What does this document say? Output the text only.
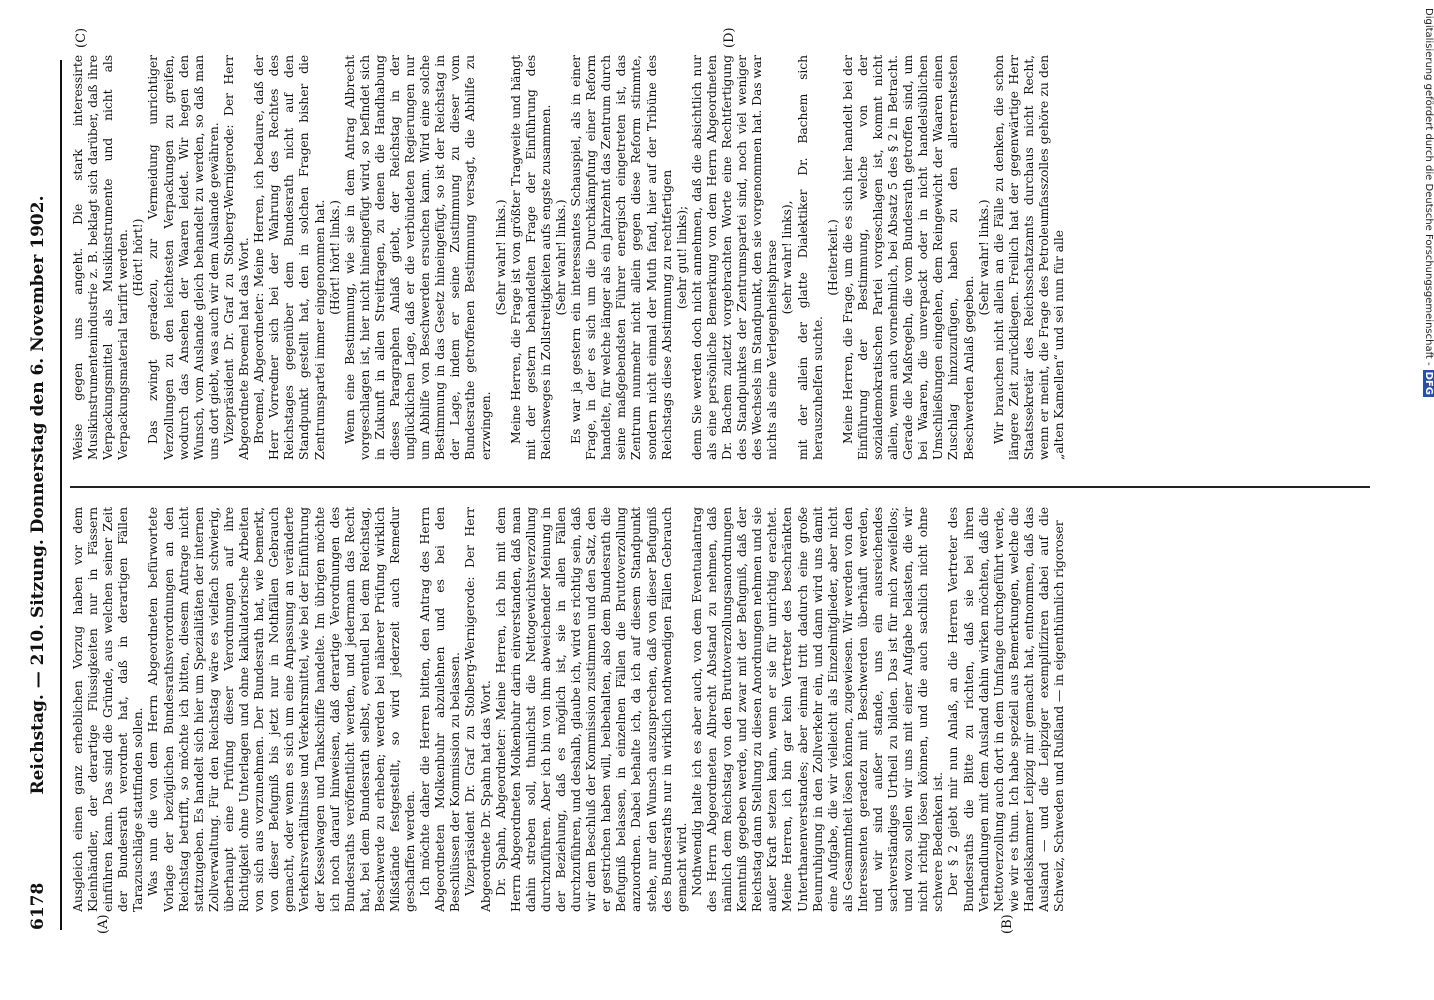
6178
Reichstag. — 210. Sitzung. Donnerstag den 6. November 1902.
(A)	(B)
(C)	(D)

Ausgleich einen ganz erheblichen Vorzug haben vor dem Kleinhändler, der derartige Flüssigkeiten nur in Fässern einführen kann. Das sind die Gründe, aus welchen seiner Zeit der Bundesrath verordnet hat, daß in derartigen Fällen Tarazuschläge stattfinden sollen. Was nun die von dem Herrn Abgeordneten befürwortete Vorlage der bezüglichen Bundesrathsverordnungen an den Reichstag betrifft, so möchte ich bitten, diesem Antrage nicht stattzugeben. Es handelt sich hier um Spezialitäten der internen Zollverwaltung. Für den Reichstag wäre es vielfach schwierig, überhaupt eine Prüfung dieser Verordnungen auf ihre Richtigkeit ohne Unterlagen und ohne kalkulatorische Arbeiten von sich aus vorzunehmen. Der Bundesrath hat, wie bemerkt, von dieser Befugniß bis jetzt nur in Nothfällen Gebrauch gemacht, oder wenn es sich um eine Anpassung an veränderte Verkehrsverhältnisse und Verkehrsmittel, wie bei der Einführung der Kesselwagen und Tankschiffe handelte. Im übrigen möchte ich noch darauf hinweisen, daß derartige Verordnungen des Bundesraths veröffentlicht werden, und jedermann das Recht hat, bei dem Bundesrath selbst, eventuell bei dem Reichstag, Beschwerde zu erheben; werden bei näherer Prüfung wirklich Mißstände festgestellt, so wird jederzeit auch Remedur geschaffen werden. Ich möchte daher die Herren bitten, den Antrag des Herrn Abgeordneten Molkenbuhr abzulehnen und es bei den Beschlüssen der Kommission zu belassen. Vizepräsident Dr. Graf zu Stolberg-Wernigerode: Der Herr Abgeordnete Dr. Spahn hat das Wort. Dr. Spahn, Abgeordneter: Meine Herren, ich bin mit dem Herrn Abgeordneten Molkenbuhr darin einverstanden, daß man dahin streben soll, thunlichst die Nettogewichtsverzollung durchzuführen. Aber ich bin von ihm abweichender Meinung in der Beziehung, daß es möglich ist, sie in allen Fällen durchzuführen, und deshalb, glaube ich, wird es richtig sein, daß wir dem Beschluß der Kommission zustimmen und den Satz, den er gestrichen haben will, beibehalten, also dem Bundesrath die Befugniß belassen, in einzelnen Fällen die Bruttoverzollung anzuordnen. Dabei behalte ich, da ich auf diesem Standpunkt stehe, nur den Wunsch auszusprechen, daß von dieser Befugniß des Bundesraths nur in wirklich nothwendigen Fällen Gebrauch gemacht wird. Nothwendig halte ich es aber auch, von dem Eventualantrag des Herrn Abgeordneten Albrecht Abstand zu nehmen, daß nämlich dem Reichstag von den Bruttoverzollungsanordnungen Kenntniß gegeben werde, und zwar mit der Befugniß, daß der Reichstag dann Stellung zu diesen Anordnungen nehmen und sie außer Kraft setzen kann, wenn er sie für unrichtig erachtet. Meine Herren, ich bin gar kein Vertreter des beschränkten Unterthanenverstandes; aber einmal tritt dadurch eine große Beunruhigung in den Zollverkehr ein, und dann wird uns damit eine Aufgabe, die wir vielleicht als Einzelmitglieder, aber nicht als Gesammtheit lösen können, zugewiesen. Wir werden von den Interessenten geradezu mit Beschwerden überhäuft werden, und wir sind außer stande, uns ein ausreichendes sachverständiges Urtheil zu bilden. Das ist für mich zweifellos; und wozu sollen wir uns mit einer Aufgabe belasten, die wir nicht richtig lösen können, und die auch sachlich nicht ohne schwere Bedenken ist. Der § 2 giebt mir nun Anlaß, an die Herren Vertreter des Bundesraths die Bitte zu richten, daß sie bei ihren Verhandlungen mit dem Ausland dahin wirken möchten, daß die Nettoverzollung auch dort in dem Umfange durchgeführt werde, wie wir es thun. Ich habe speziell aus Bemerkungen, welche die Handelskammer Leipzig mir gemacht hat, entnommen, daß das Ausland — und die Leipziger exemplifiziren dabei auf die Schweiz, Schweden und Rußland — in eigenthümlich rigoroser

Weise gegen uns angeht. Die stark interessirte Musikinstrumentenindustrie z. B. beklagt sich darüber, daß ihre Verpackungsmittel als Musikinstrumente und nicht als Verpackungsmaterial tarifirt werden. (Hört! hört!) Das zwingt geradezu, zur Vermeidung unrichtiger Verzollungen zu den leichtesten Verpackungen zu greifen, wodurch das Ansehen der Waaren leidet. Wir hegen den Wunsch, vom Auslande gleich behandelt zu werden, so daß man uns dort giebt, was auch wir dem Auslande gewähren. Vizepräsident Dr. Graf zu Stolberg-Wernigerode: Der Herr Abgeordnete Broemel hat das Wort. Broemel, Abgeordneter: Meine Herren, ich bedaure, daß der Herr Vorredner sich bei der Wahrung des Rechtes des Reichstages gegenüber dem Bundesrath nicht auf den Standpunkt gestellt hat, den in solchen Fragen bisher die Zentrumspartei immer eingenommen hat. (Hört! hört! links.) Wenn eine Bestimmung, wie sie in dem Antrag Albrecht vorgeschlagen ist, hier nicht hineingefügt wird, so befindet sich in Zukunft in allen Streitfragen, zu denen die Handhabung dieses Paragraphen Anlaß giebt, der Reichstag in der unglücklichen Lage, daß er die verbündeten Regierungen nur um Abhilfe von Beschwerden ersuchen kann. Wird eine solche Bestimmung in das Gesetz hineingefügt, so ist der Reichstag in der Lage, indem er seine Zustimmung zu dieser vom Bundesrathe getroffenen Bestimmung versagt, die Abhilfe zu erzwingen.

(Sehr wahr! links.) Meine Herren, die Frage ist von größter Tragweite und hängt mit der gestern behandelten Frage der Einführung des Reichsweges in Zollstreitigkeiten aufs engste zusammen. (Sehr wahr! links.) Es war ja gestern ein interessantes Schauspiel, als in einer Frage, in der es sich um die Durchkämpfung einer Reform handelte, für welche länger als ein Jahrzehnt das Zentrum durch seine maßgebendsten Führer energisch eingetreten ist, das Zentrum nunmehr nicht allein gegen diese Reform stimmte, sondern nicht einmal der Muth fand, hier auf der Tribüne des Reichstags diese Abstimmung zu rechtfertigen (sehr gut! links); denn Sie werden doch nicht annehmen, daß die absichtlich nur als eine persönliche Bemerkung von dem Herrn Abgeordneten Dr. Bachem zuletzt vorgebrachten Worte eine Rechtfertigung des Standpunktes der Zentrumspartei sind, noch viel weniger des Wechsels im Standpunkt, den sie vorgenommen hat. Das war nichts als eine Verlegenheitsphrase (sehr wahr! links), mit der allein der glatte Dialektiker Dr. Bachem sich herauszuhelfen suchte.

(Heiterkeit.) Meine Herren, die Frage, um die es sich hier handelt bei der Einführung der Bestimmung, welche von der sozialdemokratischen Partei vorgeschlagen ist, kommt nicht allein, wenn auch vornehmlich, bei Absatz 5 des § 2 in Betracht. Gerade die Maßregeln, die vom Bundesrath getroffen sind, um bei Waaren, die unverpackt oder in nicht handelsüblichen Umschließungen eingehen, dem Reingewicht der Waaren einen Zuschlag hinzuzufügen, haben zu den allerernstesten Beschwerden Anlaß gegeben.

(Sehr wahr! links.) Wir brauchen nicht allein an die Fälle zu denken, die schon längere Zeit zurückliegen. Freilich hat der gegenwärtige Herr Staatssekretär des Reichsschatzamts durchaus nicht Recht, wenn er meint, die Frage des Petroleumfasszolles gehöre zu den „alten Kamellen“ und sei nun für alle	Digitalisierung gefördert durch die Deutsche Forschungsgemeinschaft -DFG
